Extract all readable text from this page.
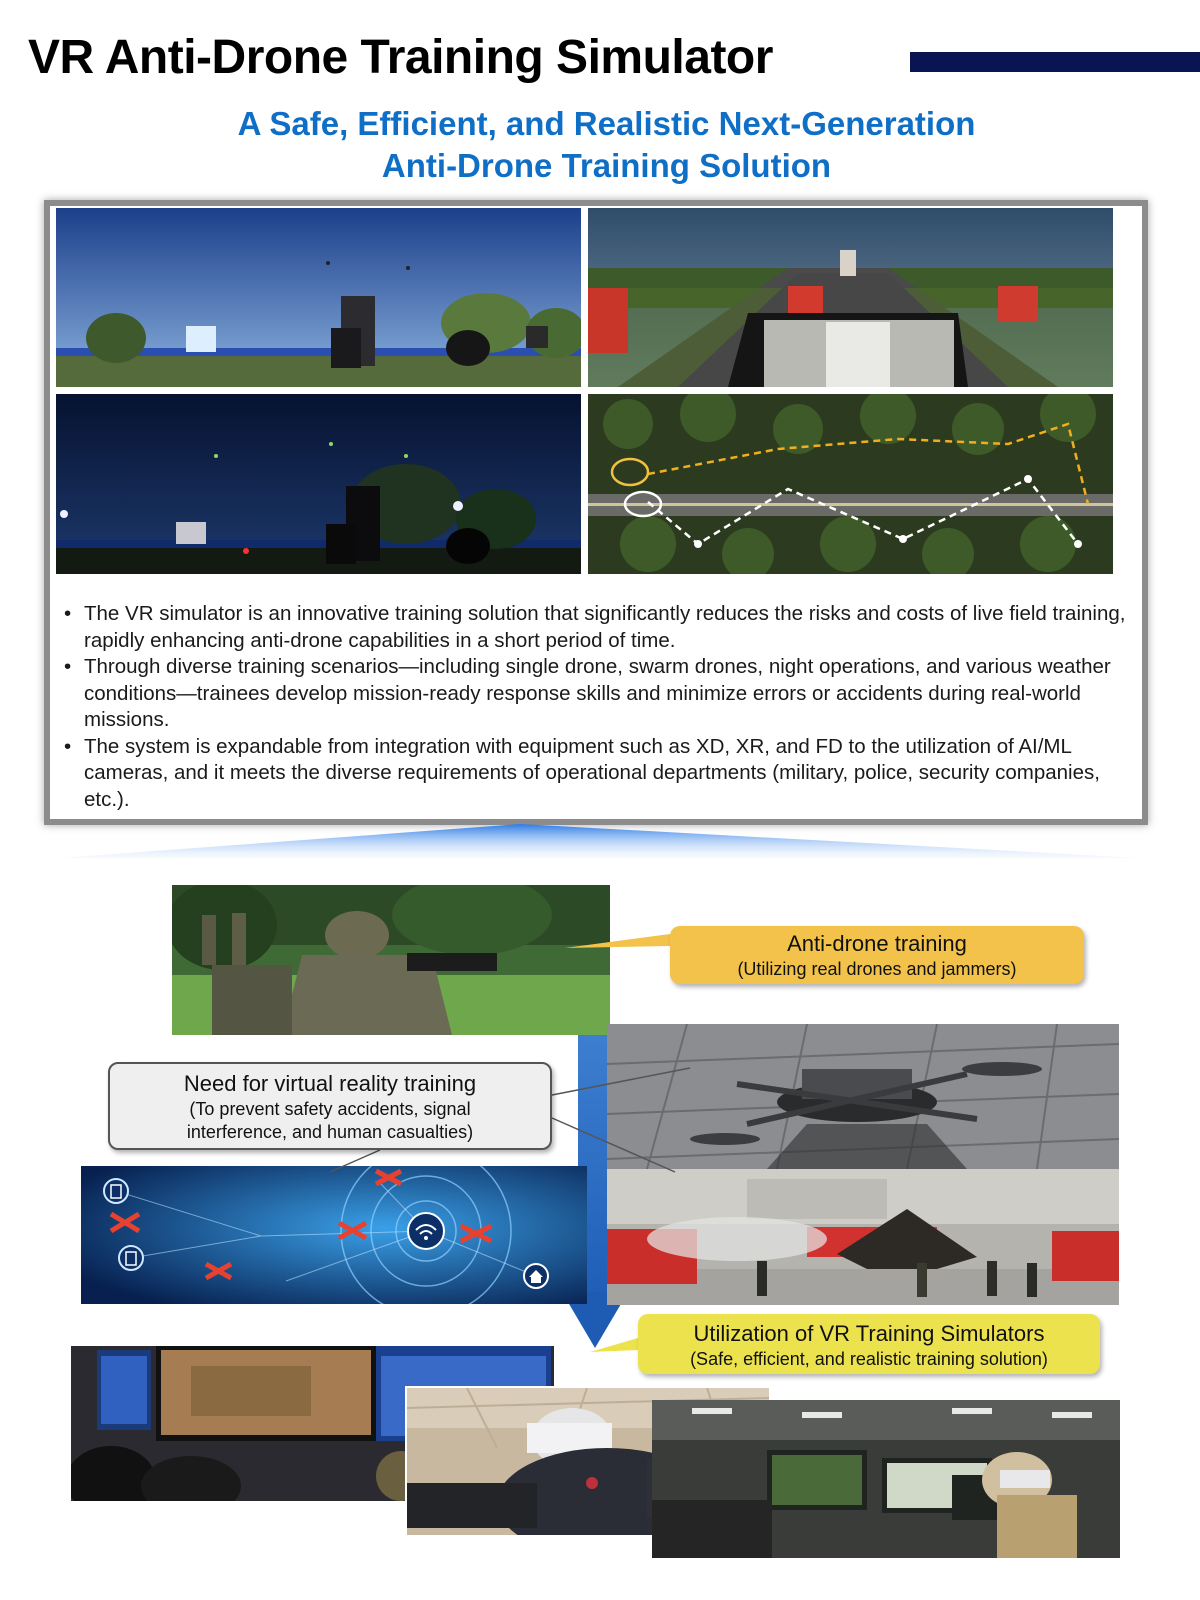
VR Anti-Drone Training Simulator
A Safe, Efficient, and Realistic Next-Generation
Anti-Drone Training Solution
• The VR simulator is an innovative training solution that significantly reduces the risks and costs of live field training, rapidly enhancing anti-drone capabilities in a short period of time.
• Through diverse training scenarios—including single drone, swarm drones, night operations, and various weather conditions—trainees develop mission-ready response skills and minimize errors or accidents during real-world missions.
• The system is expandable from integration with equipment such as XD, XR, and FD to the utilization of AI/ML cameras, and it meets the diverse requirements of operational departments (military, police, security companies, etc.).
Anti-drone training
(Utilizing real drones and jammers)
Need for virtual reality training
(To prevent safety accidents, signal interference, and human casualties)
Utilization of VR Training Simulators
(Safe, efficient, and realistic training solution)
